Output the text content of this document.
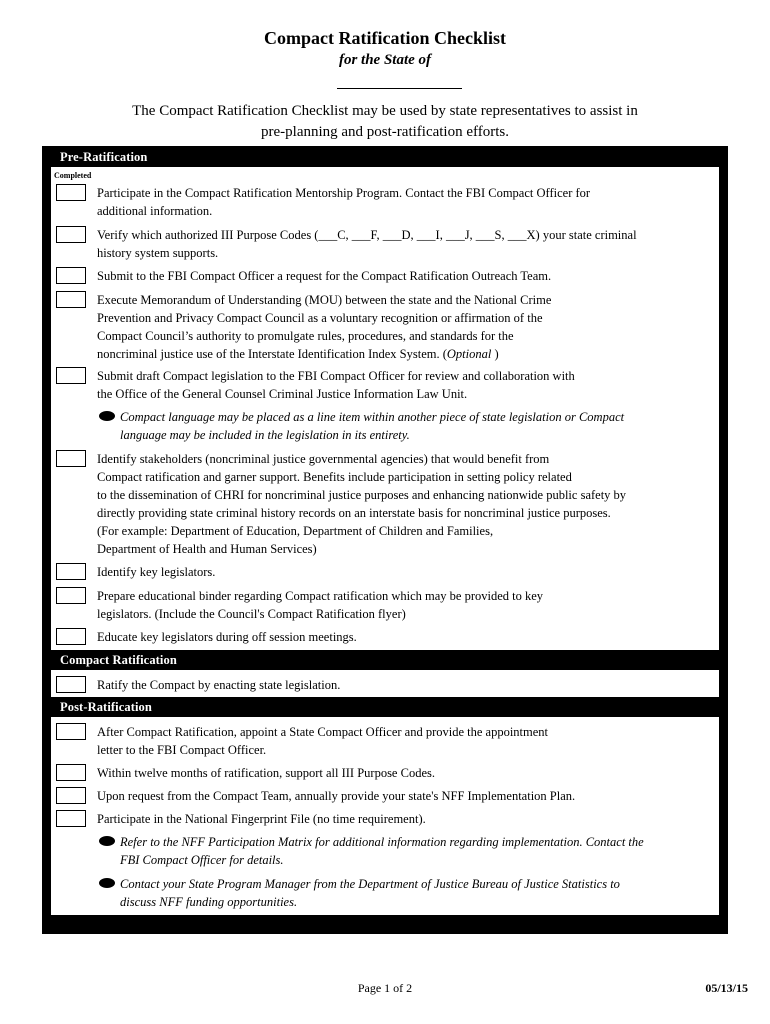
Compact Ratification Checklist
for the State of
The Compact Ratification Checklist may be used by state representatives to assist in
pre-planning and post-ratification efforts.
Pre-Ratification
Completed
Participate in the Compact Ratification Mentorship Program. Contact the FBI Compact Officer for
additional information.
Verify which authorized III Purpose Codes (___C, ___F, ___D, ___I, ___J, ___S, ___X) your state criminal
history system supports.
Submit to the FBI Compact Officer a request for the Compact Ratification Outreach Team.
Execute Memorandum of Understanding (MOU) between the state and the National Crime
Prevention and Privacy Compact Council as a voluntary recognition or affirmation of the
Compact Council’s authority to promulgate rules, procedures, and standards for the
noncriminal justice use of the Interstate Identification Index System. (Optional )
Submit draft Compact legislation to the FBI Compact Officer for review and collaboration with
the Office of the General Counsel Criminal Justice Information Law Unit.
Compact language may be placed as a line item within another piece of state legislation or Compact
language may be included in the legislation in its entirety.
Identify stakeholders (noncriminal justice governmental agencies) that would benefit from
Compact ratification and garner support. Benefits include participation in setting policy related
to the dissemination of CHRI for noncriminal justice purposes and enhancing nationwide public safety by
directly providing state criminal history records on an interstate basis for noncriminal justice purposes.
(For example: Department of Education, Department of Children and Families,
Department of Health and Human Services)
Identify key legislators.
Prepare educational binder regarding Compact ratification which may be provided to key
legislators. (Include the Council's Compact Ratification flyer)
Educate key legislators during off session meetings.
Compact Ratification
Ratify the Compact by enacting state legislation.
Post-Ratification
After Compact Ratification, appoint a State Compact Officer and provide the appointment
letter to the FBI Compact Officer.
Within twelve months of ratification, support all III Purpose Codes.
Upon request from the Compact Team, annually provide your state's NFF Implementation Plan.
Participate in the National Fingerprint File (no time requirement).
Refer to the NFF Participation Matrix for additional information regarding implementation. Contact the
FBI Compact Officer for details.
Contact your State Program Manager from the Department of Justice Bureau of Justice Statistics to
discuss NFF funding opportunities.
Page 1 of 2	05/13/15
